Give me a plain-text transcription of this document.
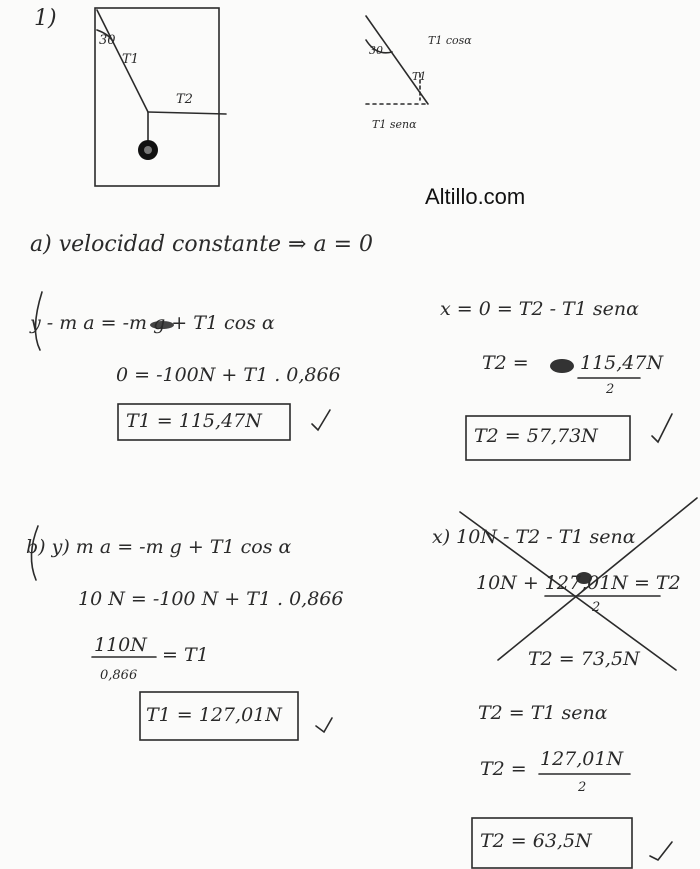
Altillo.com
1)
30
T1
T2
30
T1 cosα
T1
T1 senα
a) velocidad constante ⇒ a = 0
y - m a = -m g + T1 cos α
0 = -100N + T1 . 0,866
T1 = 115,47N
x = 0 = T2 - T1 senα
T2 =	115,47N
2
T2 = 57,73N
b) y) m a = -m g + T1 cos α
10 N = -100 N + T1 . 0,866
110N = T1
0,866
T1 = 127,01N
x) 10N - T2 - T1 senα
10N + 127,01N = T2
2
T2 = 73,5N
T2 = T1 senα
T2 = 127,01N
2
T2 = 63,5N
